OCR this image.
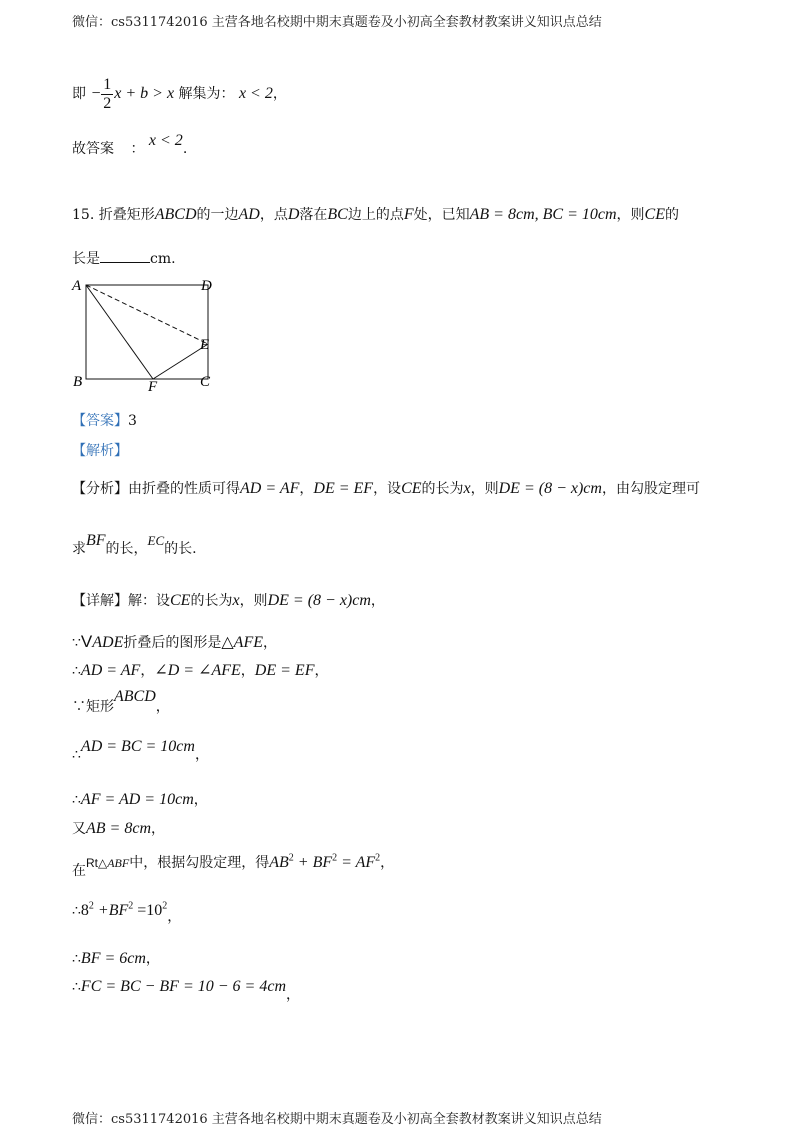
微信：cs5311742016 主营各地名校期中期末真题卷及小初高全套教材教案讲义知识点总结
即 − $\frac{1}{2}$ x + b > x 解集为： x < 2，
故答案 ： x < 2.
15. 折叠矩形ABCD的一边AD，点D落在BC边上的点F处，已知AB = 8cm, BC = 10cm，则CE的
长是	cm.
A	D
B	C
E
F
【答案】3
【解析】
【分析】由折叠的性质可得AD = AF，DE = EF，设CE的长为x，则DE = (8 − x)cm，由勾股定理可
求BF的长，EC的长.
【详解】解：设CE的长为x，则DE = (8 − x)cm，
∵VADE折叠后的图形是△AFE，
∴AD = AF，∠D = ∠AFE，DE = EF，
∵矩形ABCD，
∴AD = BC = 10cm，
∴AF = AD = 10cm，
又AB = 8cm，
在Rt△ABF中，根据勾股定理，得$AB^2 + BF^2 = AF^2$，
$\therefore 8^2 +BF^2 =10^2$，
∴BF = 6cm，
∴FC = BC − BF = 10 − 6 = 4cm，
微信：cs5311742016 主营各地名校期中期末真题卷及小初高全套教材教案讲义知识点总结
